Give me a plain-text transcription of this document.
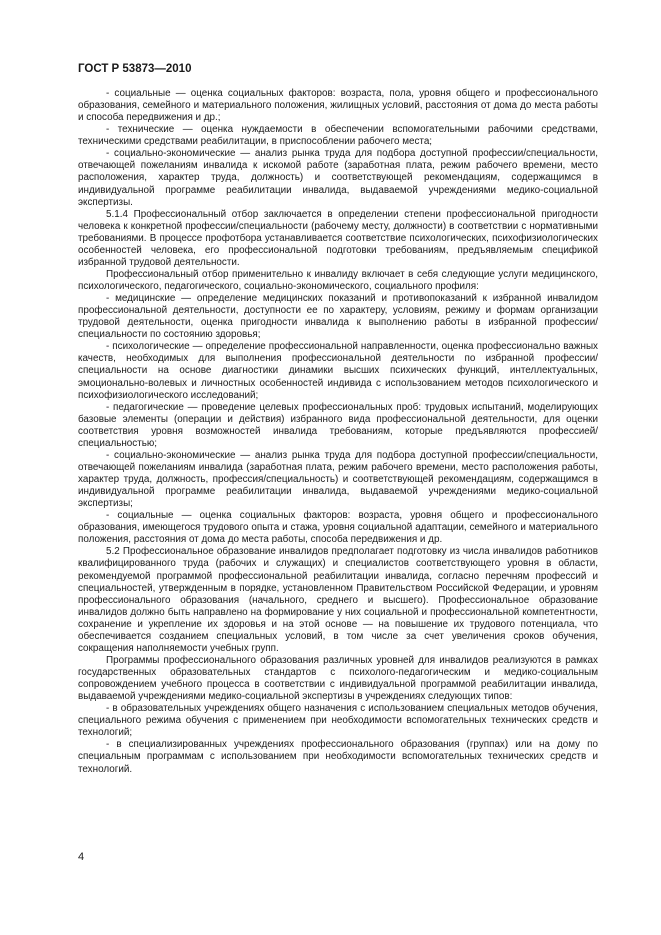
ГОСТ Р 53873—2010

- социальные — оценка социальных факторов: возраста, пола, уровня общего и профессионального образования, семейного и материального положения, жилищных условий, расстояния от дома до места работы и способа передвижения и др.;

- технические — оценка нуждаемости в обеспечении вспомогательными рабочими средствами, техническими средствами реабилитации, в приспособлении рабочего места;

- социально-экономические — анализ рынка труда для подбора доступной профессии/специальности, отвечающей пожеланиям инвалида к искомой работе (заработная плата, режим рабочего времени, место расположения, характер труда, должность) и соответствующей рекомендациям, содержащимся в индивидуальной программе реабилитации инвалида, выдаваемой учреждениями медико-социальной экспертизы.

5.1.4 Профессиональный отбор заключается в определении степени профессиональной пригодности человека к конкретной профессии/специальности (рабочему месту, должности) в соответствии с нормативными требованиями. В процессе профотбора устанавливается соответствие психологических, психофизиологических особенностей человека, его профессиональной подготовки требованиям, предъявляемым спецификой избранной трудовой деятельности.

Профессиональный отбор применительно к инвалиду включает в себя следующие услуги медицинского, психологического, педагогического, социально-экономического, социального профиля:

- медицинские — определение медицинских показаний и противопоказаний к избранной инвалидом профессиональной деятельности, доступности ее по характеру, условиям, режиму и формам организации трудовой деятельности, оценка пригодности инвалида к выполнению работы в избранной профессии/специальности по состоянию здоровья;

- психологические — определение профессиональной направленности, оценка профессионально важных качеств, необходимых для выполнения профессиональной деятельности по избранной профессии/специальности на основе диагностики динамики высших психических функций, интеллектуальных, эмоционально-волевых и личностных особенностей индивида с использованием методов психологического и психофизиологического исследований;

- педагогические — проведение целевых профессиональных проб: трудовых испытаний, моделирующих базовые элементы (операции и действия) избранного вида профессиональной деятельности, для оценки соответствия уровня возможностей инвалида требованиям, которые предъявляются профессией/специальностью;

- социально-экономические — анализ рынка труда для подбора доступной профессии/специальности, отвечающей пожеланиям инвалида (заработная плата, режим рабочего времени, место расположения работы, характер труда, должность, профессия/специальность) и соответствующей рекомендациям, содержащимся в индивидуальной программе реабилитации инвалида, выдаваемой учреждениями медико-социальной экспертизы;

- социальные — оценка социальных факторов: возраста, уровня общего и профессионального образования, имеющегося трудового опыта и стажа, уровня социальной адаптации, семейного и материального положения, расстояния от дома до места работы, способа передвижения и др.

5.2 Профессиональное образование инвалидов предполагает подготовку из числа инвалидов работников квалифицированного труда (рабочих и служащих) и специалистов соответствующего уровня в области, рекомендуемой программой профессиональной реабилитации инвалида, согласно перечням профессий и специальностей, утвержденным в порядке, установленном Правительством Российской Федерации, и уровням профессионального образования (начального, среднего и высшего). Профессиональное образование инвалидов должно быть направлено на формирование у них социальной и профессиональной компетентности, сохранение и укрепление их здоровья и на этой основе — на повышение их трудового потенциала, что обеспечивается созданием специальных условий, в том числе за счет увеличения сроков обучения, сокращения наполняемости учебных групп.

Программы профессионального образования различных уровней для инвалидов реализуются в рамках государственных образовательных стандартов с психолого-педагогическим и медико-социальным сопровождением учебного процесса в соответствии с индивидуальной программой реабилитации инвалида, выдаваемой учреждениями медико-социальной экспертизы в учреждениях следующих типов:

- в образовательных учреждениях общего назначения с использованием специальных методов обучения, специального режима обучения с применением при необходимости вспомогательных технических средств и технологий;

- в специализированных учреждениях профессионального образования (группах) или на дому по специальным программам с использованием при необходимости вспомогательных технических средств и технологий.

4
